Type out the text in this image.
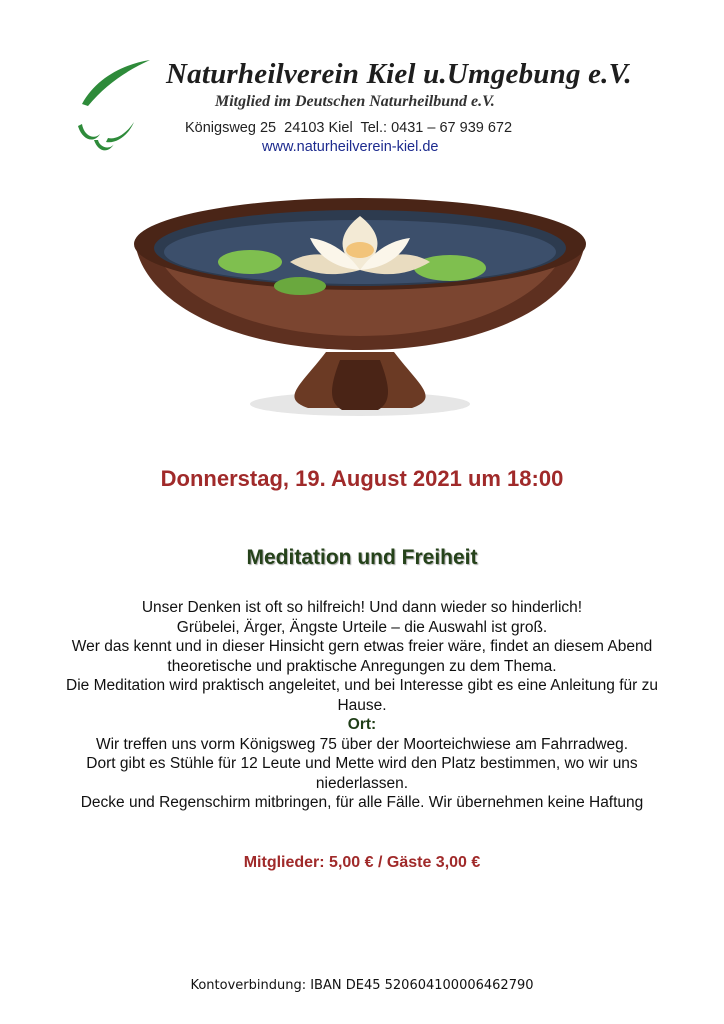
Naturheilverein Kiel u.Umgebung e.V.
Mitglied im Deutschen Naturheilbund e.V.
Königsweg 25  24103 Kiel  Tel.: 0431 – 67 939 672
www.naturheilverein-kiel.de
Donnerstag, 19. August 2021 um 18:00
Meditation und Freiheit

Unser Denken ist oft so hilfreich! Und dann wieder so hinderlich!

Grübelei, Ärger, Ängste Urteile – die Auswahl ist groß.

Wer das kennt und in dieser Hinsicht gern etwas freier wäre, findet an diesem Abend theoretische und praktische Anregungen zu dem Thema.

Die Meditation wird praktisch angeleitet, und bei Interesse gibt es eine Anleitung für zu Hause.

Ort:

Wir treffen uns vorm Königsweg 75 über der Moorteichwiese am Fahrradweg.

Dort gibt es Stühle für 12 Leute und Mette wird den Platz bestimmen, wo wir uns niederlassen.

Decke und Regenschirm mitbringen, für alle Fälle. Wir übernehmen keine Haftung

Mitglieder: 5,00 € / Gäste 3,00 €
Kontoverbindung: IBAN DE45 520604100006462790
